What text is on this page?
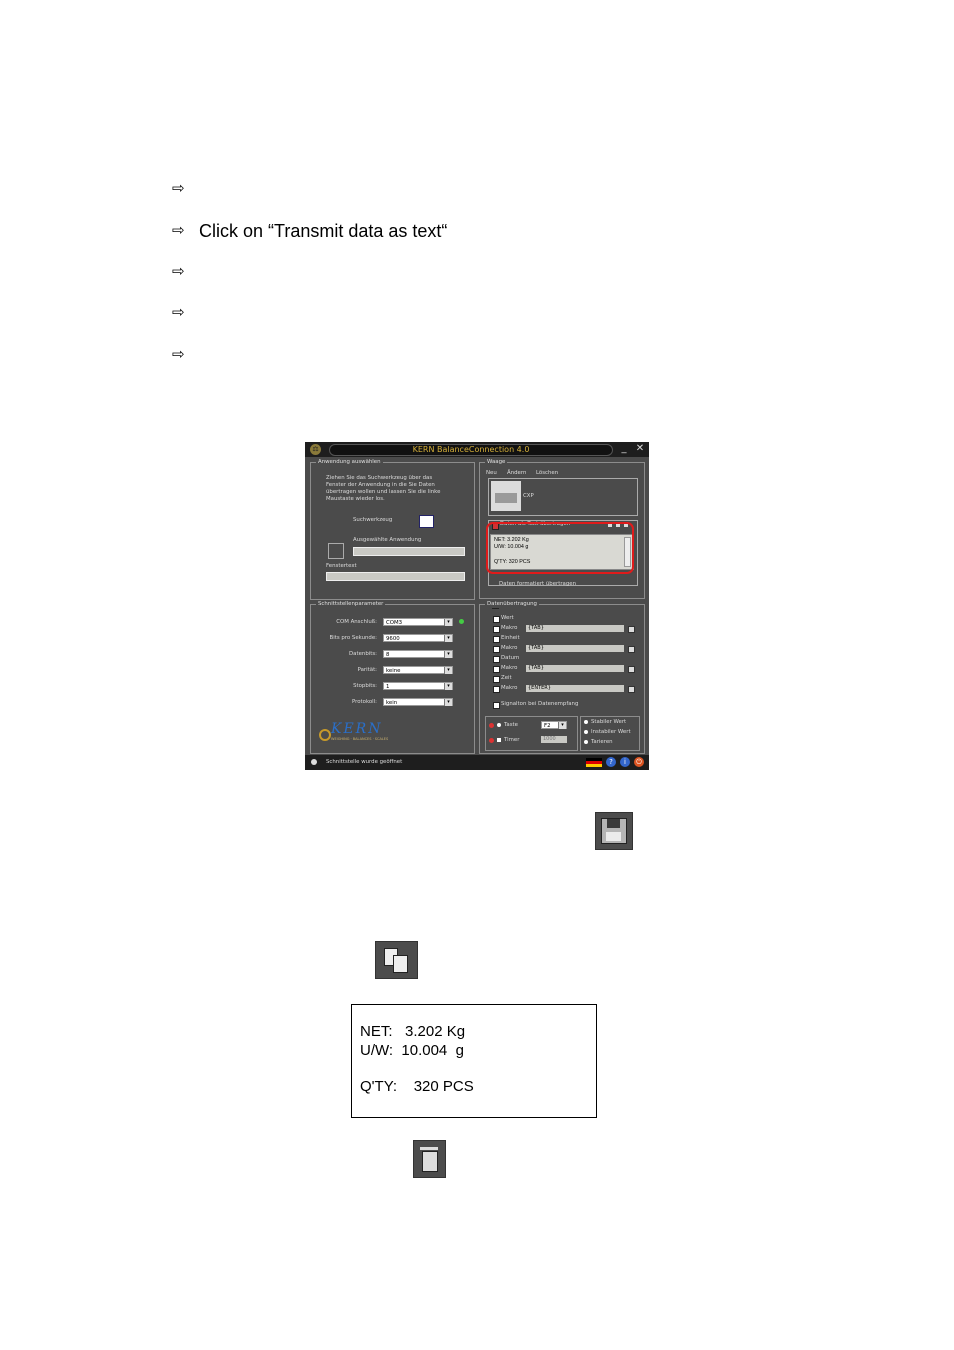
⇨
⇨ Click on “Transmit data as text“
⇨
⇨
⇨
⚖	KERN BalanceConnection 4.0	_ ✕
Anwendung auswählen
Ziehen Sie das Suchwerkzeug über das
Fenster der Anwendung in die Sie Daten
übertragen wollen und lassen Sie die linke
Maustaste wieder los.
Suchwerkzeug
Ausgewählte Anwendung
Fenstertext
Waage
Neu Ändern Löschen
CXP
Daten als Text übertragen
Daten formatiert übertragen
Schnittstellenparameter
COM Anschluß:	COM3	▾
Bits pro Sekunde:	9600	▾
Datenbits:	8	▾
Parität:	keine	▾
Stopbits:	1	▾
Protokoll:	kein	▾
KERN
WEIGHING · BALANCES · SCALES
Datenübertragung
Wert
Makro	{TAB}
Einheit
Makro	{TAB}
Datum
Makro	{TAB}
Zeit
Makro	{ENTER}
Signalton bei Datenempfang
Taste	F2	▾
Timer	1000
Stabiler Wert
Instabiler Wert
Tarieren
Schnittstelle wurde geöffnet	?	i	⏻
NET: 3.202 Kg
U/W: 10.004 g
Q'TY: 320 PCS
NET:   3.202 Kg
U/W:  10.004  g
Q'TY:    320 PCS
